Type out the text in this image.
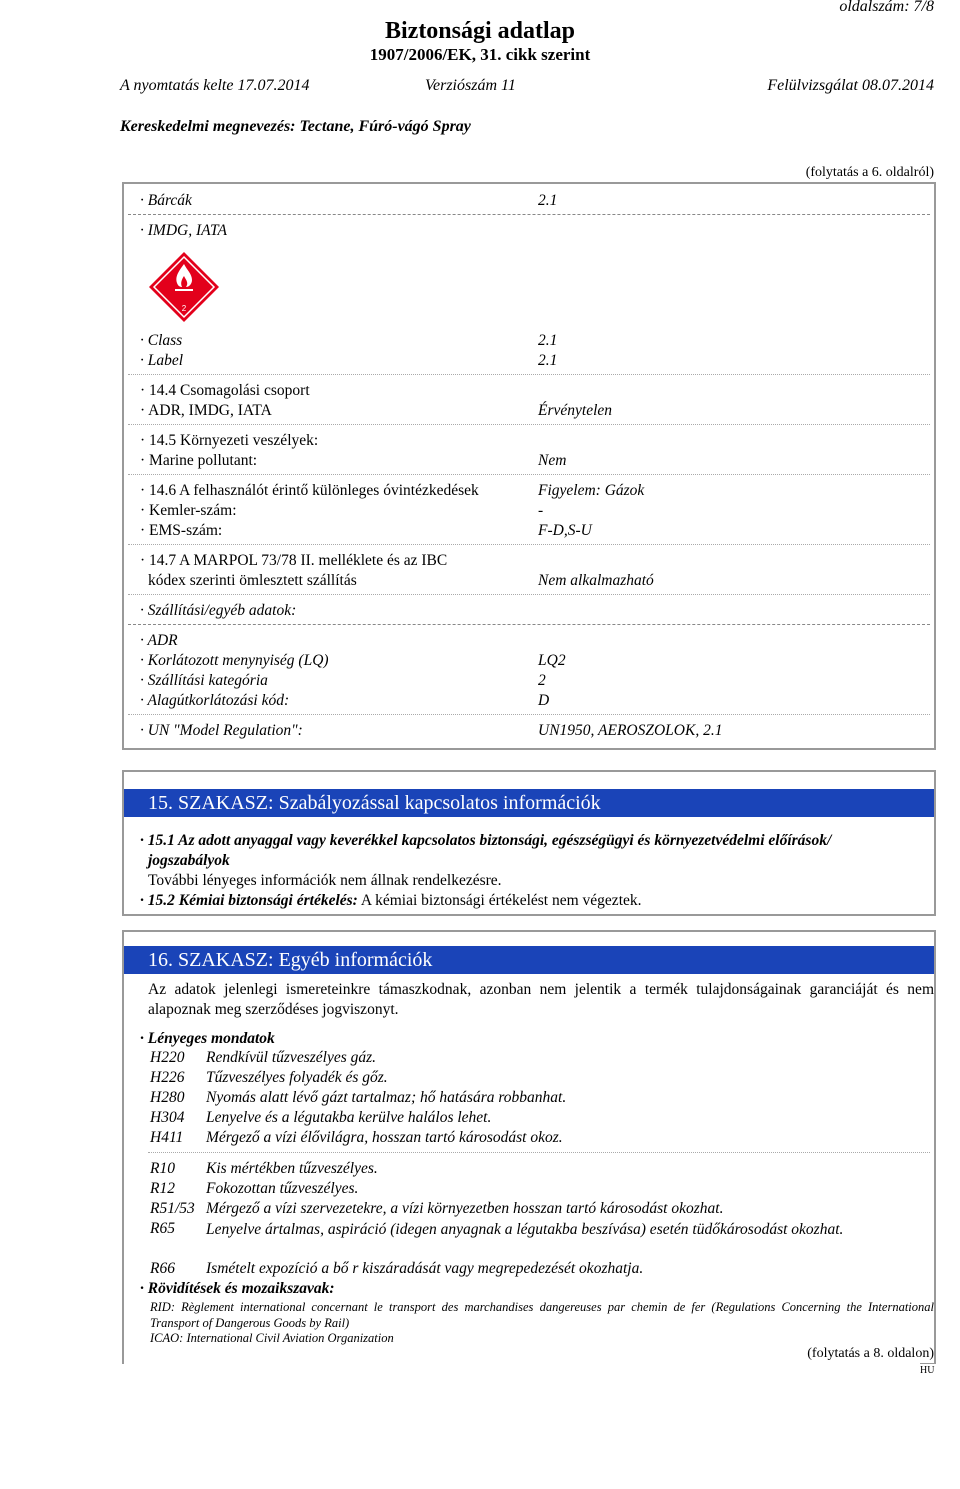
oldalszám: 7/8
Biztonsági adatlap
1907/2006/EK, 31. cikk szerint
A nyomtatás kelte 17.07.2014	Verziószám 11	Felülvizsgálat 08.07.2014
Kereskedelmi megnevezés: Tectane, Fúró-vágó Spray
(folytatás a 6. oldalról)
· Bárcák	2.1
· IMDG, IATA
2
· Class	2.1
· Label	2.1
· 14.4 Csomagolási csoport
· ADR, IMDG, IATA	Érvénytelen
· 14.5 Környezeti veszélyek:
· Marine pollutant:	Nem
· 14.6 A felhasználót érintő különleges óvintézkedések	Figyelem: Gázok
· Kemler-szám:	-
· EMS-szám:	F-D,S-U
· 14.7 A MARPOL 73/78 II. melléklete és az IBC
kódex szerinti ömlesztett szállítás	Nem alkalmazható
· Szállítási/egyéb adatok:
· ADR
· Korlátozott menynyiség (LQ)	LQ2
· Szállítási kategória	2
· Alagútkorlátozási kód:	D
· UN "Model Regulation":	UN1950, AEROSZOLOK, 2.1
15. SZAKASZ: Szabályozással kapcsolatos információk
· 15.1 Az adott anyaggal vagy keverékkel kapcsolatos biztonsági, egészségügyi és környezetvédelmi előírások/
jogszabályok
További lényeges információk nem állnak rendelkezésre.
· 15.2 Kémiai biztonsági értékelés: A kémiai biztonsági értékelést nem végeztek.
16. SZAKASZ: Egyéb információk
Az adatok jelenlegi ismereteinkre támaszkodnak, azonban nem jelentik a termék tulajdonságainak garanciáját és nem alapoznak meg szerződéses jogviszonyt.
· Lényeges mondatok
H220 Rendkívül tűzveszélyes gáz.
H226 Tűzveszélyes folyadék és gőz.
H280 Nyomás alatt lévő gázt tartalmaz; hő hatására robbanhat.
H304 Lenyelve és a légutakba kerülve halálos lehet.
H411 Mérgező a vízi élővilágra, hosszan tartó károsodást okoz.
R10 Kis mértékben tűzveszélyes.
R12 Fokozottan tűzveszélyes.
R51/53 Mérgező a vízi szervezetekre, a vízi környezetben hosszan tartó károsodást okozhat.
R65 Lenyelve ártalmas, aspiráció (idegen anyagnak a légutakba beszívása) esetén tüdőkárosodást okozhat.
R66 Ismételt expozíció a bő r kiszáradását vagy megrepedezését okozhatja.
· Rövidítések és mozaikszavak:
RID: Règlement international concernant le transport des marchandises dangereuses par chemin de fer (Regulations Concerning the International Transport of Dangerous Goods by Rail)
ICAO: International Civil Aviation Organization
(folytatás a 8. oldalon)
HU
